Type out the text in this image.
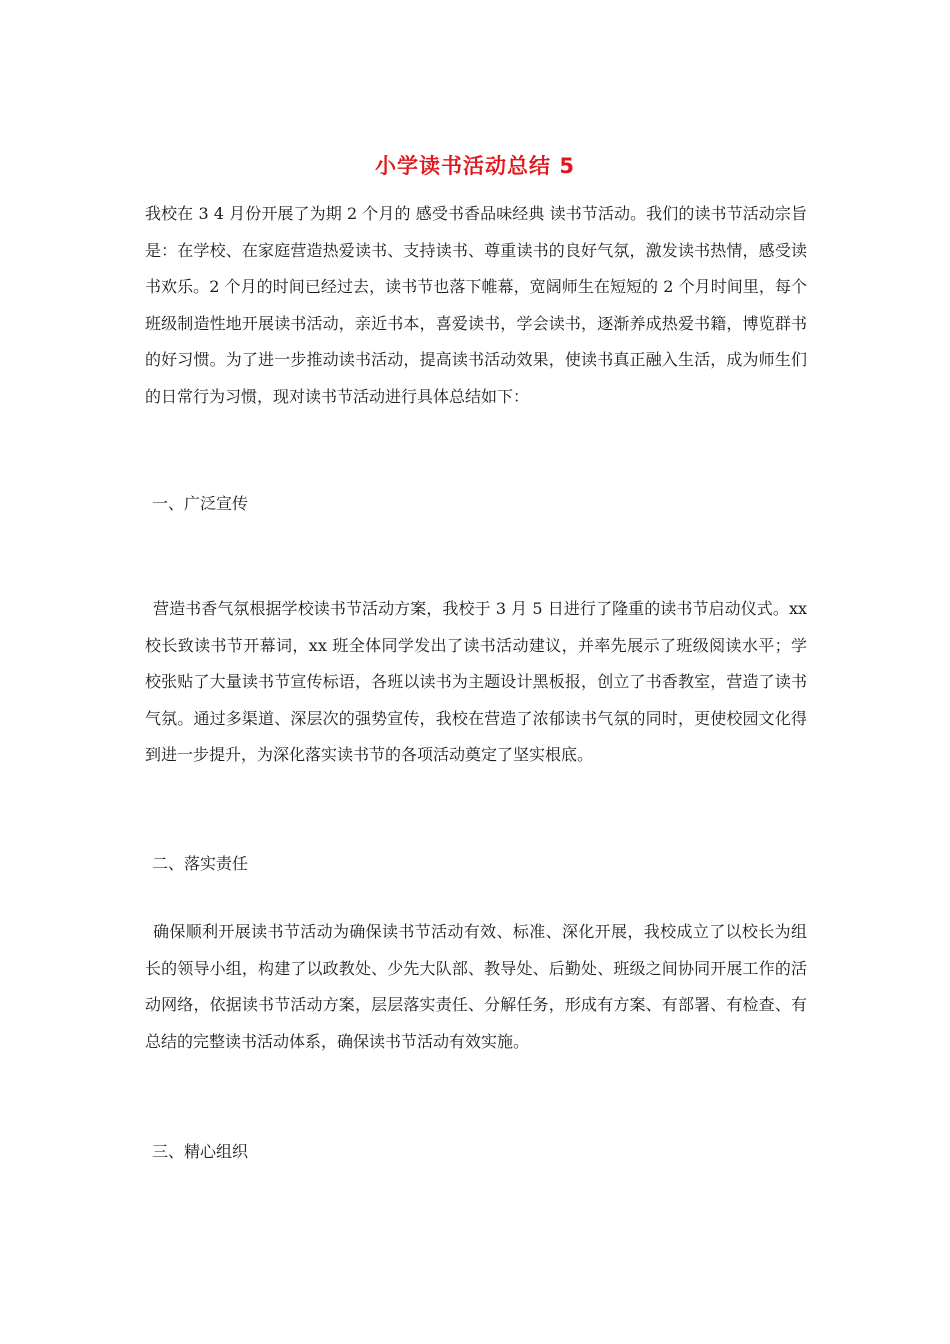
小学读书活动总结 5

我校在 3 4 月份开展了为期 2 个月的 感受书香品味经典 读书节活动。我们的读书节活动宗旨是：在学校、在家庭营造热爱读书、支持读书、尊重读书的良好气氛，激发读书热情，感受读书欢乐。2 个月的时间已经过去，读书节也落下帷幕，宽阔师生在短短的 2 个月时间里，每个班级制造性地开展读书活动，亲近书本，喜爱读书，学会读书，逐渐养成热爱书籍，博览群书的好习惯。为了进一步推动读书活动，提高读书活动效果，使读书真正融入生活，成为师生们的日常行为习惯，现对读书节活动进行具体总结如下：

一、广泛宣传

营造书香气氛根据学校读书节活动方案，我校于 3 月 5 日进行了隆重的读书节启动仪式。xx 校长致读书节开幕词，xx 班全体同学发出了读书活动建议，并率先展示了班级阅读水平；学校张贴了大量读书节宣传标语，各班以读书为主题设计黑板报，创立了书香教室，营造了读书气氛。通过多渠道、深层次的强势宣传，我校在营造了浓郁读书气氛的同时，更使校园文化得到进一步提升，为深化落实读书节的各项活动奠定了坚实根底。

二、落实责任

确保顺利开展读书节活动为确保读书节活动有效、标准、深化开展，我校成立了以校长为组长的领导小组，构建了以政教处、少先大队部、教导处、后勤处、班级之间协同开展工作的活动网络，依据读书节活动方案，层层落实责任、分解任务，形成有方案、有部署、有检查、有总结的完整读书活动体系，确保读书节活动有效实施。

三、精心组织
